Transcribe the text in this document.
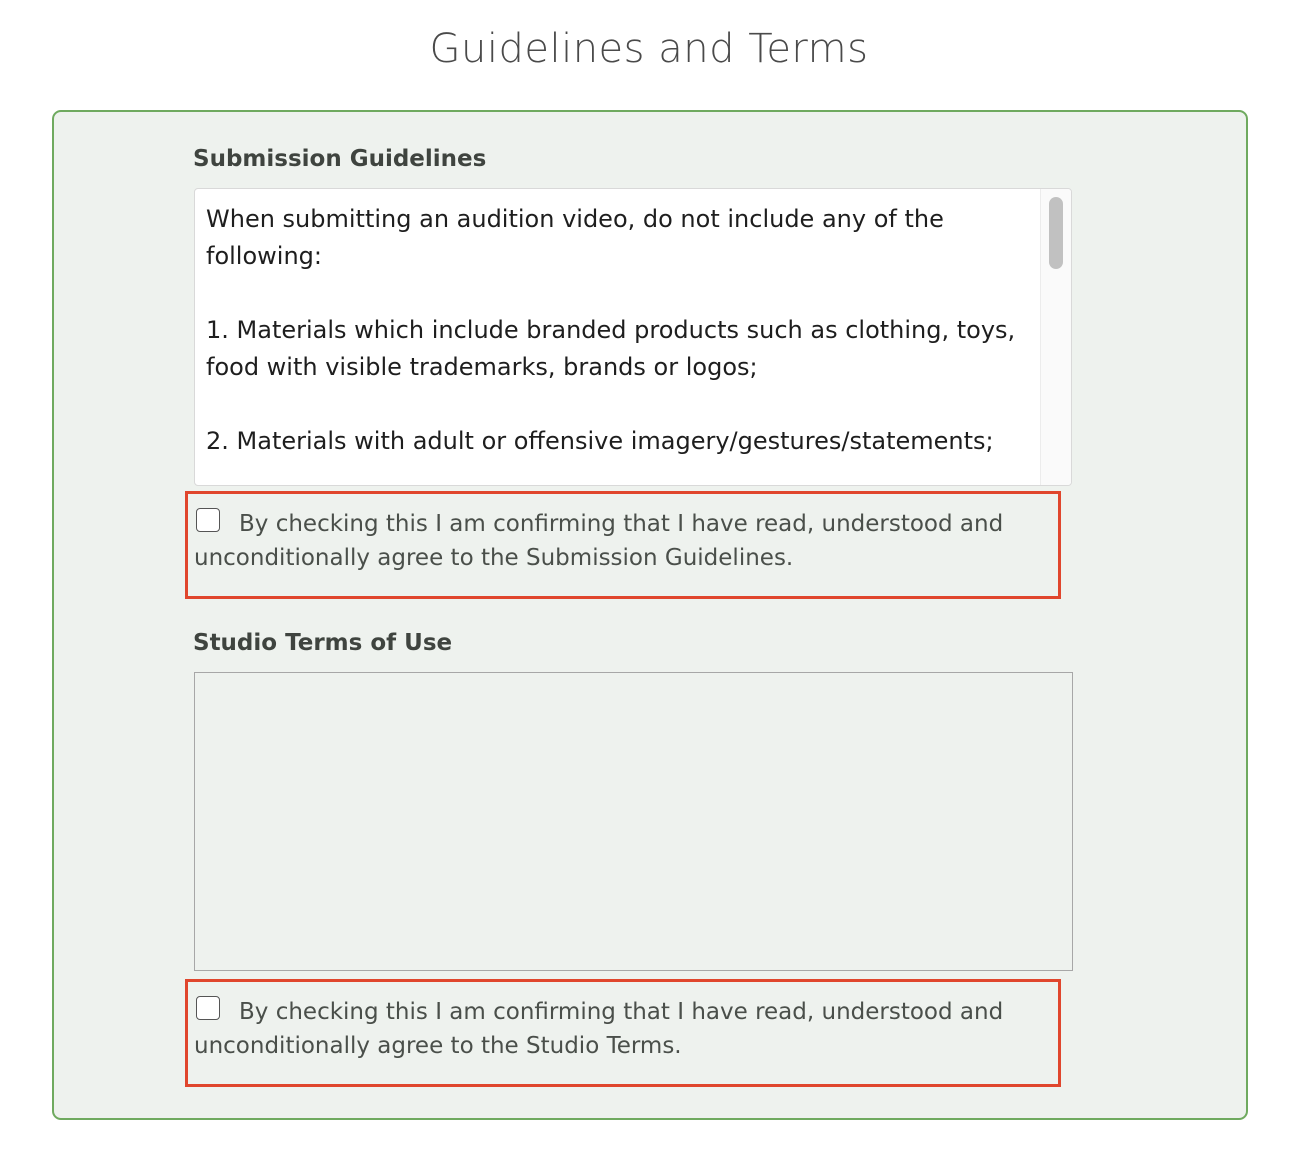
Guidelines and Terms
Submission Guidelines

When submitting an audition video, do not include any of the following:

1. Materials which include branded products such as clothing, toys, food with visible trademarks, brands or logos;

2. Materials with adult or offensive imagery/gestures/statements;

By checking this I am confirming that I have read, understood and unconditionally agree to the Submission Guidelines.

Studio Terms of Use

By checking this I am confirming that I have read, understood and unconditionally agree to the Studio Terms.
